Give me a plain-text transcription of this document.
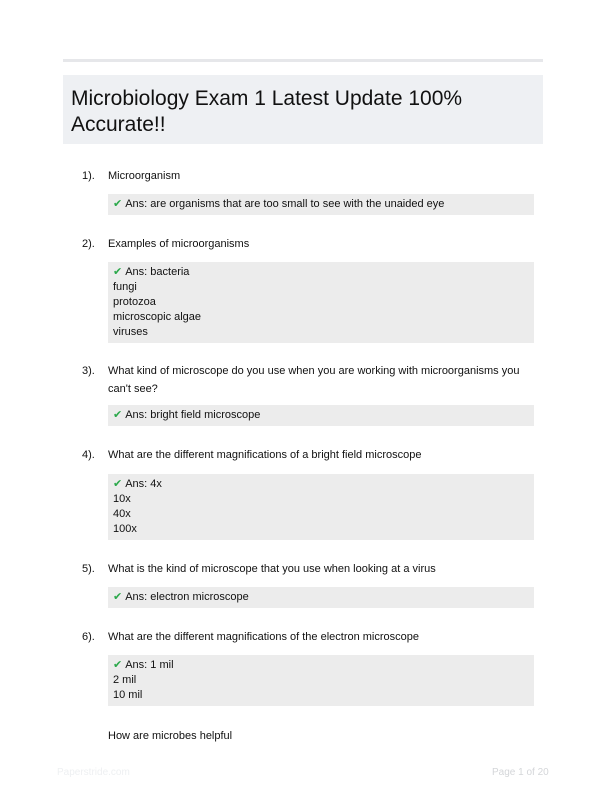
Microbiology Exam 1 Latest Update 100% Accurate!!
1). Microorganism
✔ Ans: are organisms that are too small to see with the unaided eye
2). Examples of microorganisms
✔ Ans: bacteria
fungi
protozoa
microscopic algae
viruses
3). What kind of microscope do you use when you are working with microorganisms you can't see?
✔ Ans: bright field microscope
4). What are the different magnifications of a bright field microscope
✔ Ans: 4x
10x
40x
100x
5). What is the kind of microscope that you use when looking at a virus
✔ Ans: electron microscope
6). What are the different magnifications of the electron microscope
✔ Ans: 1 mil
2 mil
10 mil
How are microbes helpful
Paperstride.com	Page 1 of 20
